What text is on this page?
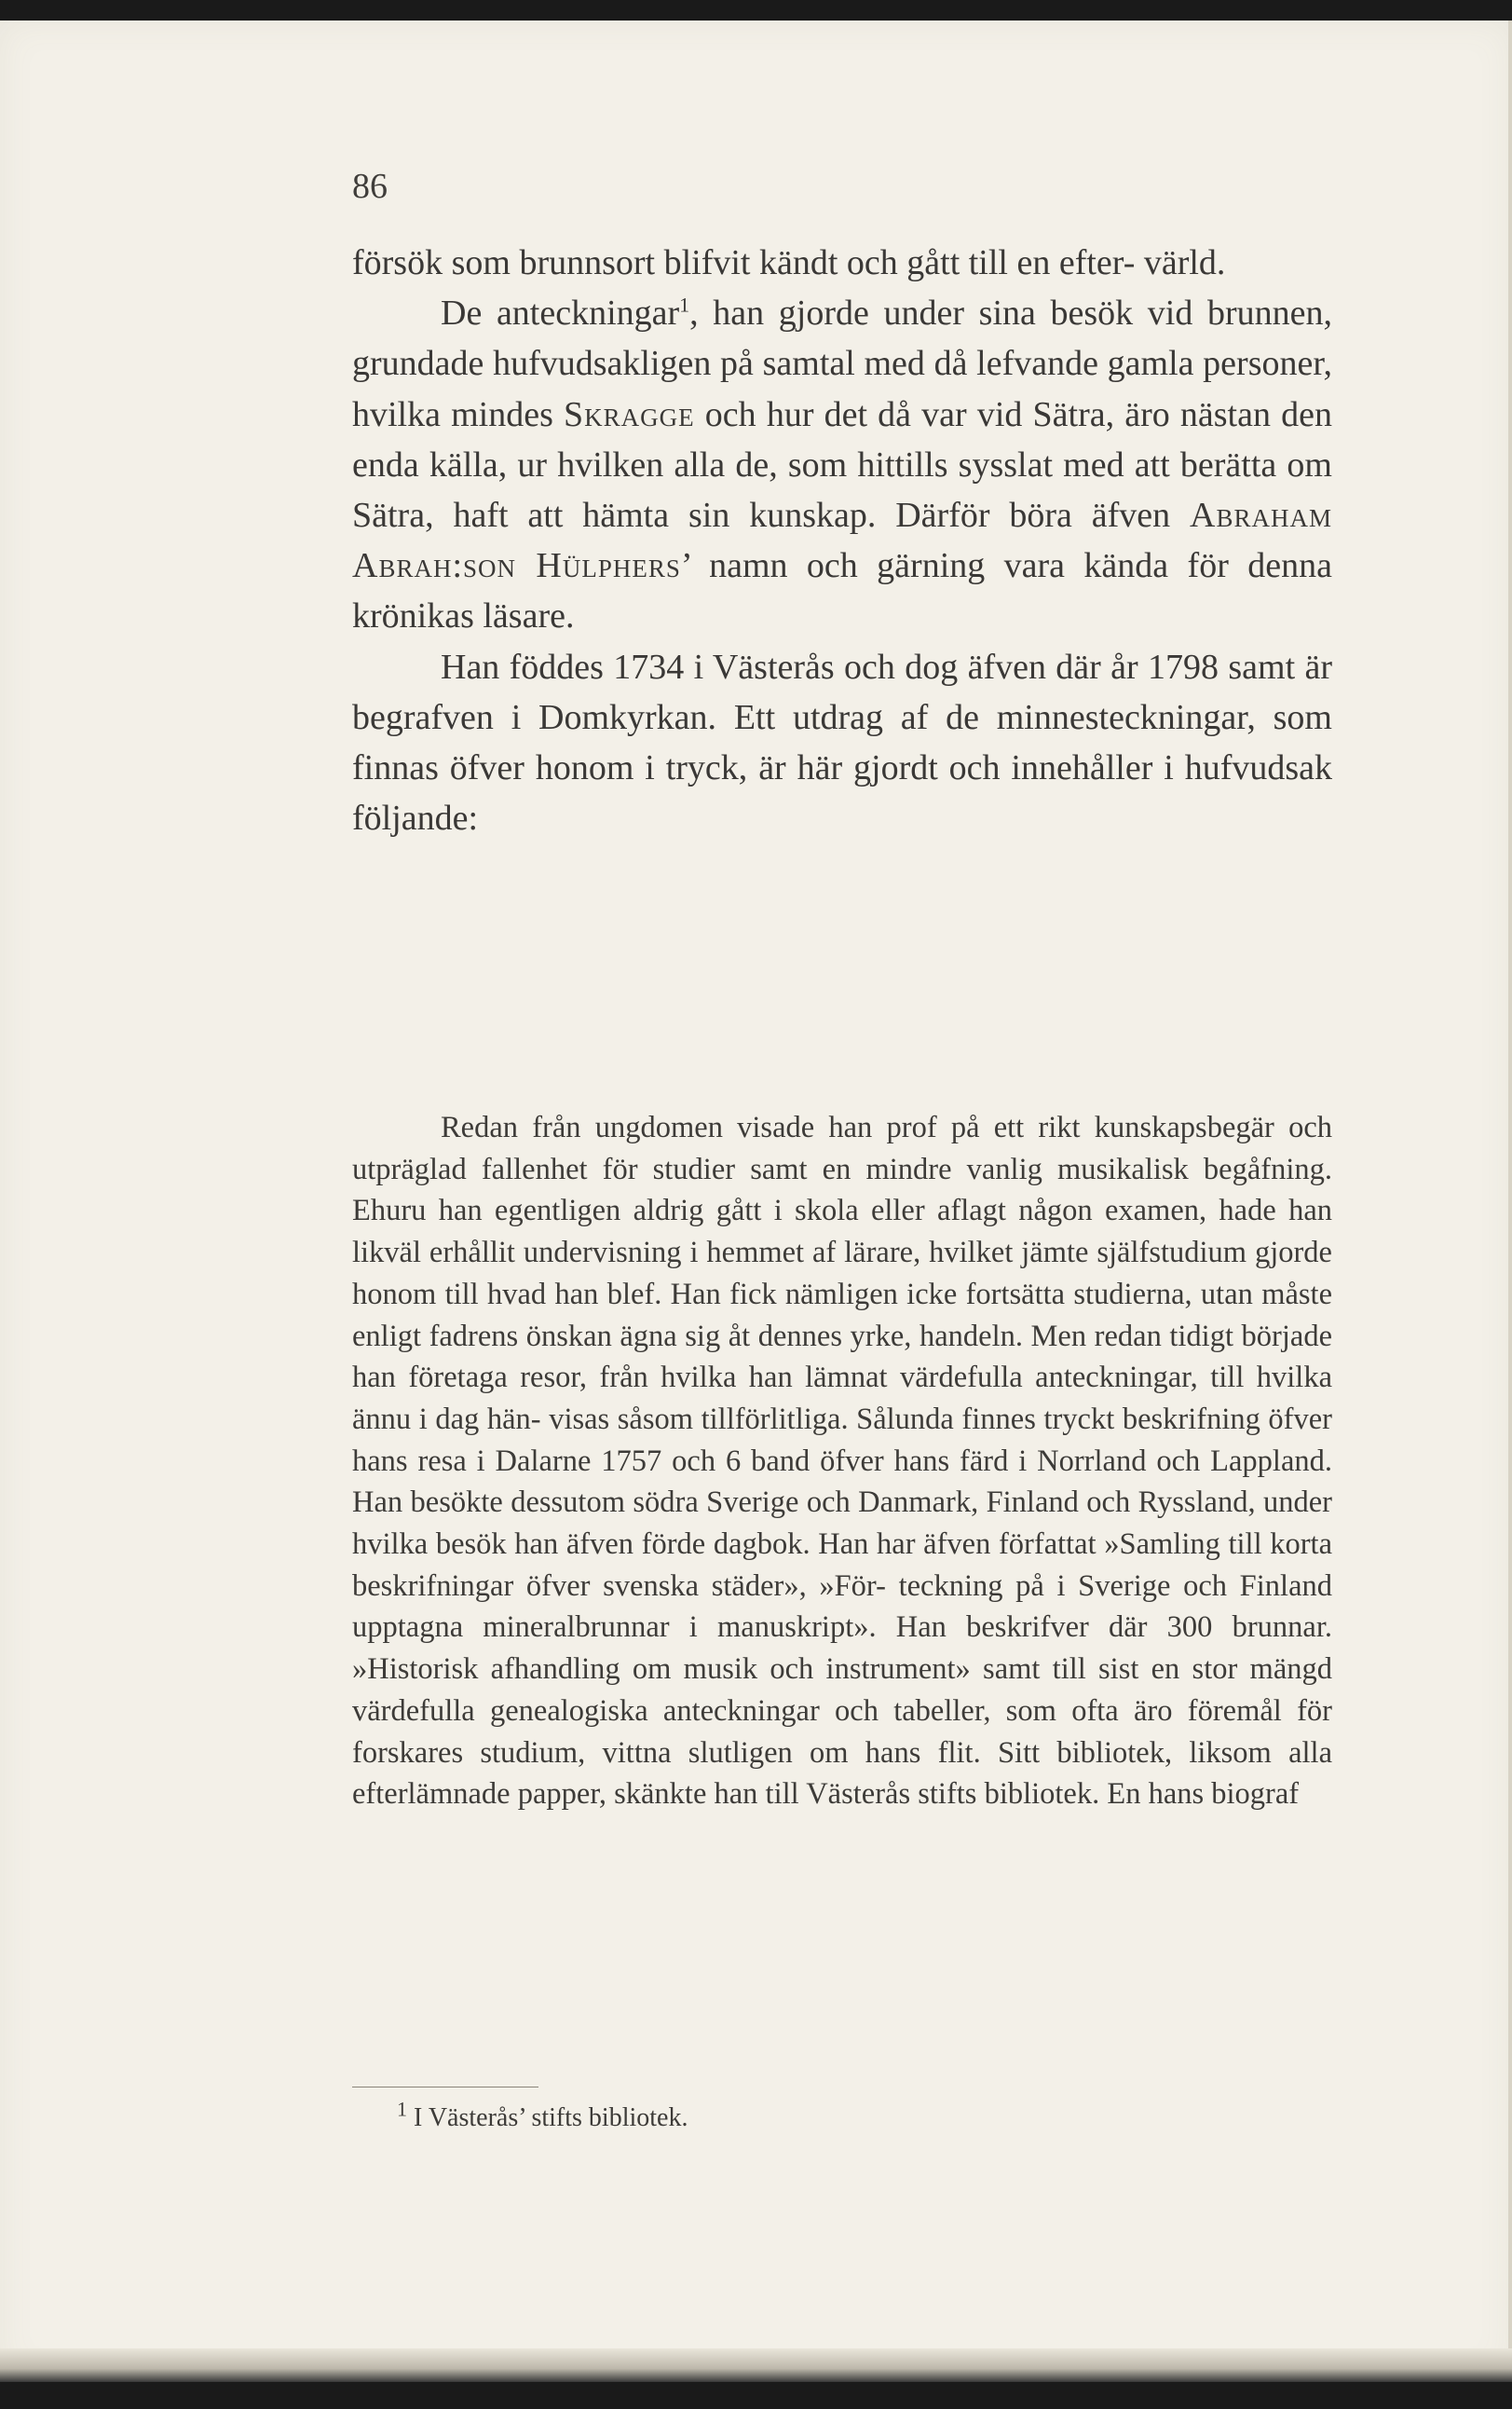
86

försök som brunnsort blifvit kändt och gått till en efter- värld.

De anteckningar$^1$, han gjorde under sina besök vid brunnen, grundade hufvudsakligen på samtal med då lefvande gamla personer, hvilka mindes Skragge och hur det då var vid Sätra, äro nästan den enda källa, ur hvilken alla de, som hittills sysslat med att berätta om Sätra, haft att hämta sin kunskap. Därför böra äfven Abraham Abrah:son Hülphers’ namn och gärning vara kända för denna krönikas läsare.

Han föddes 1734 i Västerås och dog äfven där år 1798 samt är begrafven i Domkyrkan. Ett utdrag af de minnesteckningar, som finnas öfver honom i tryck, är här gjordt och innehåller i hufvudsak följande:

Redan från ungdomen visade han prof på ett rikt kunskapsbegär och utpräglad fallenhet för studier samt en mindre vanlig musikalisk begåfning. Ehuru han egentligen aldrig gått i skola eller aflagt någon examen, hade han likväl erhållit undervisning i hemmet af lärare, hvilket jämte själfstudium gjorde honom till hvad han blef. Han fick nämligen icke fortsätta studierna, utan måste enligt fadrens önskan ägna sig åt dennes yrke, handeln. Men redan tidigt började han företaga resor, från hvilka han lämnat värdefulla anteckningar, till hvilka ännu i dag hän- visas såsom tillförlitliga. Sålunda finnes tryckt beskrifning öfver hans resa i Dalarne 1757 och 6 band öfver hans färd i Norrland och Lappland. Han besökte dessutom södra Sverige och Danmark, Finland och Ryssland, under hvilka besök han äfven förde dagbok. Han har äfven författat »Samling till korta beskrifningar öfver svenska städer», »För- teckning på i Sverige och Finland upptagna mineralbrunnar i manuskript». Han beskrifver där 300 brunnar. »Historisk afhandling om musik och instrument» samt till sist en stor mängd värdefulla genealogiska anteckningar och tabeller, som ofta äro föremål för forskares studium, vittna slutligen om hans flit. Sitt bibliotek, liksom alla efterlämnade papper, skänkte han till Västerås stifts bibliotek. En hans biograf

$^1$ I Västerås’ stifts bibliotek.
